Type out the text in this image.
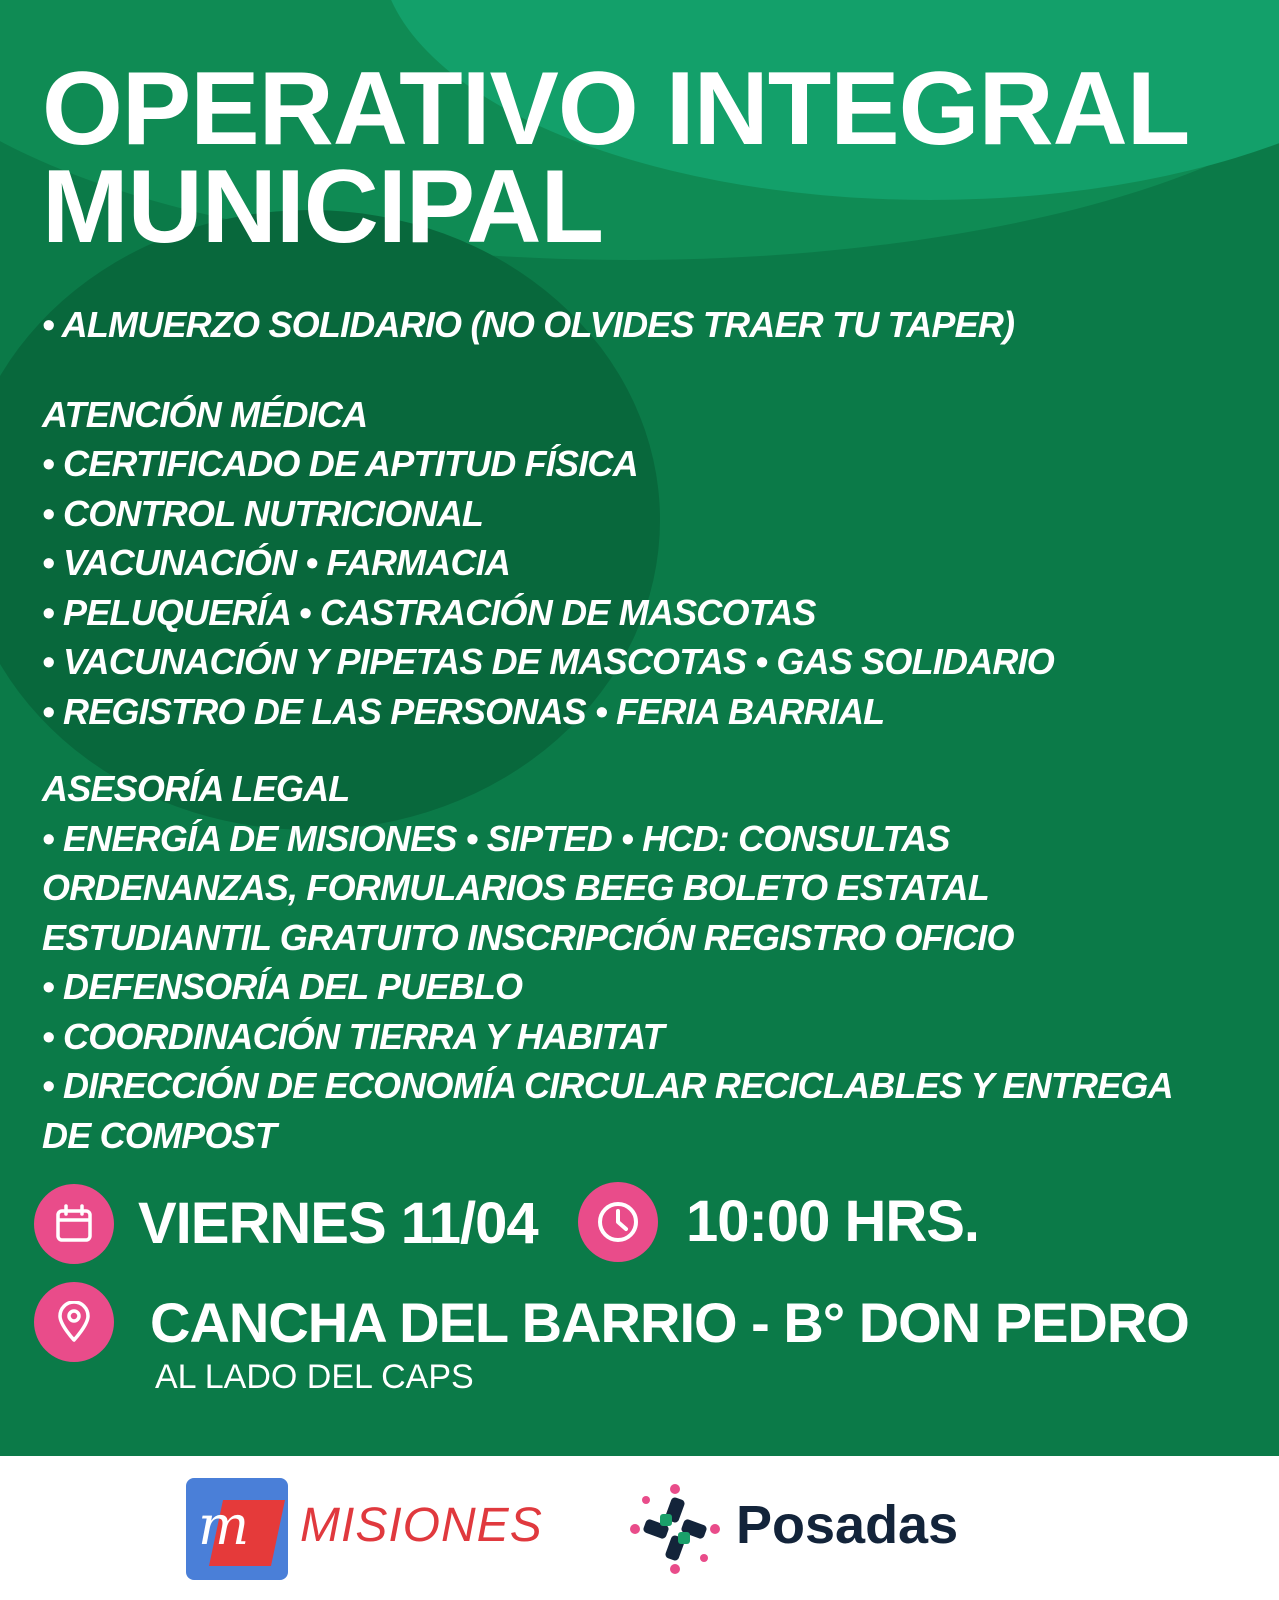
OPERATIVO INTEGRAL
MUNICIPAL
• ALMUERZO SOLIDARIO (NO OLVIDES TRAER TU TAPER)
ATENCIÓN MÉDICA
• CERTIFICADO DE APTITUD FÍSICA
• CONTROL NUTRICIONAL
• VACUNACIÓN • FARMACIA
• PELUQUERÍA • CASTRACIÓN DE MASCOTAS
• VACUNACIÓN Y PIPETAS DE MASCOTAS • GAS SOLIDARIO
• REGISTRO DE LAS PERSONAS • FERIA BARRIAL
ASESORÍA LEGAL
• ENERGÍA DE MISIONES • SIPTED • HCD: CONSULTAS
ORDENANZAS, FORMULARIOS BEEG BOLETO ESTATAL
ESTUDIANTIL GRATUITO INSCRIPCIÓN REGISTRO OFICIO
• DEFENSORÍA DEL PUEBLO
• COORDINACIÓN TIERRA Y HABITAT
• DIRECCIÓN DE ECONOMÍA CIRCULAR RECICLABLES Y ENTREGA
DE COMPOST
VIERNES 11/04	10:00 HRS.
CANCHA DEL BARRIO - B° DON PEDRO
AL LADO DEL CAPS
m MISIONES	Posadas
